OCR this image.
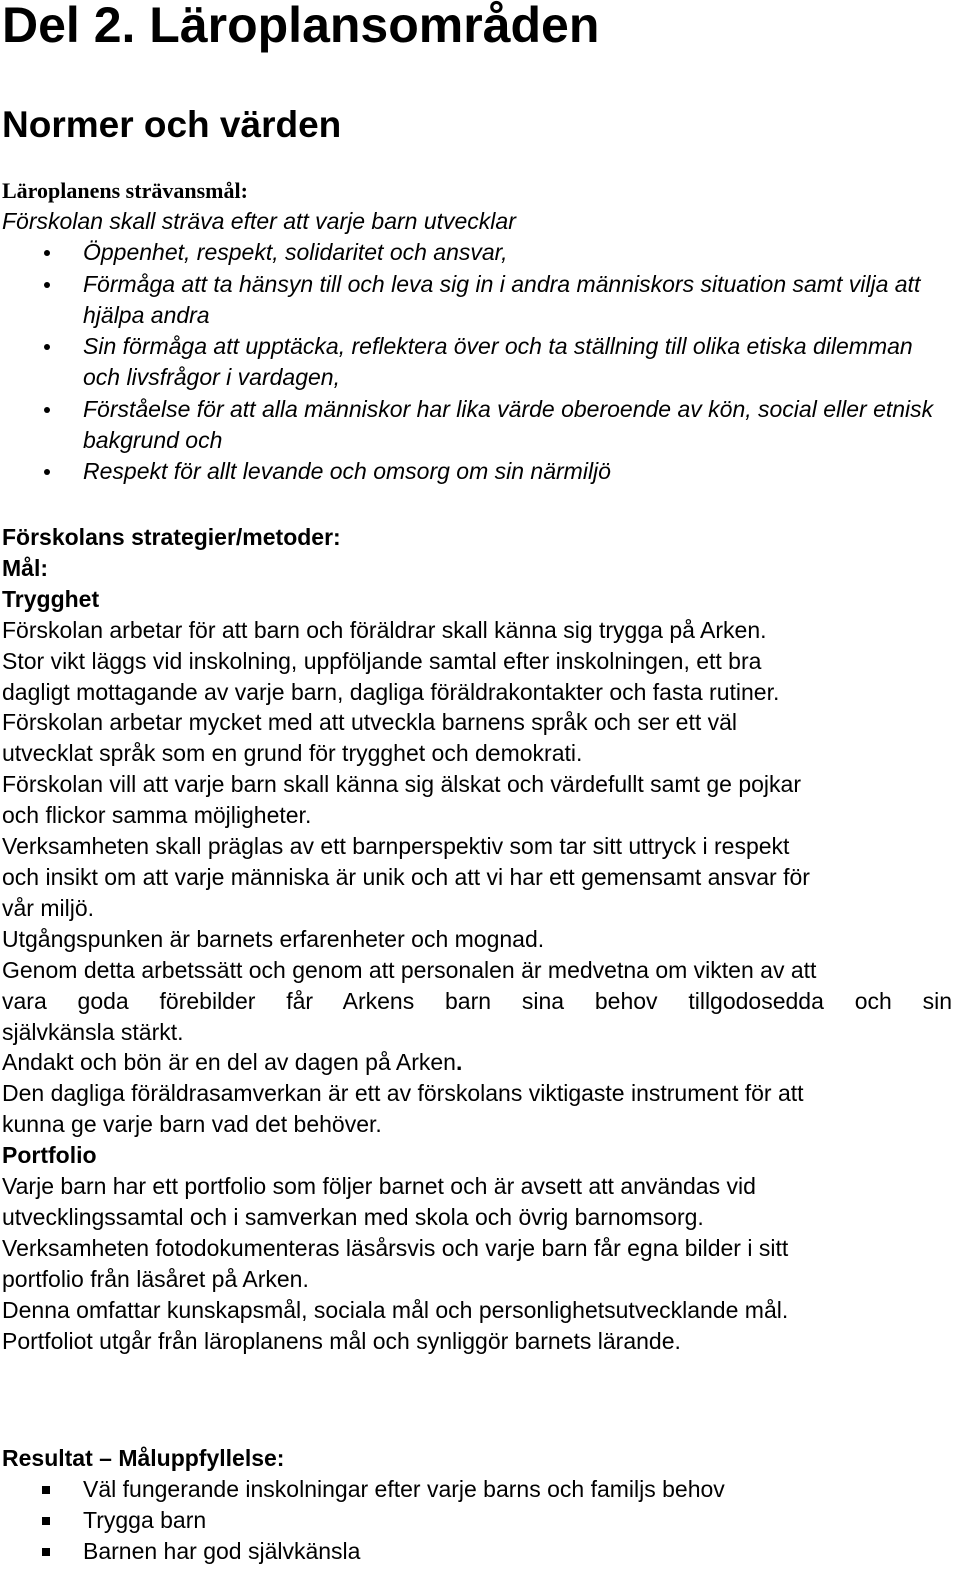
Del 2. Läroplansområden
Normer och värden
Läroplanens strävansmål:
Förskolan skall sträva efter att varje barn utvecklar
Öppenhet, respekt, solidaritet och ansvar,
Förmåga att ta hänsyn till och leva sig in i andra människors situation samt vilja att hjälpa andra
Sin förmåga att upptäcka, reflektera över och ta ställning till olika etiska dilemman och livsfrågor i vardagen,
Förståelse för att alla människor har lika värde oberoende av kön, social eller etnisk bakgrund och
Respekt för allt levande och omsorg om sin närmiljö

Förskolans strategier/metoder:

Mål:

Trygghet

Förskolan arbetar för att barn och föräldrar skall känna sig trygga på Arken.

Stor vikt läggs vid inskolning, uppföljande samtal efter inskolningen, ett bra

dagligt mottagande av varje barn, dagliga föräldrakontakter och fasta rutiner.

Förskolan arbetar mycket med att utveckla barnens språk och ser ett väl

utvecklat språk som en grund för trygghet och demokrati.

Förskolan vill att varje barn skall känna sig älskat och värdefullt samt ge pojkar

och flickor samma möjligheter.

Verksamheten skall präglas av ett barnperspektiv som tar sitt uttryck i respekt

och insikt om att varje människa är unik och att vi har ett gemensamt ansvar för

vår miljö.

Utgångspunken är barnets erfarenheter och mognad.

Genom detta arbetssätt och genom att personalen är medvetna om vikten av att

vara goda förebilder får Arkens barn sina behov tillgodosedda och sin

självkänsla stärkt.

Andakt och bön är en del av dagen på Arken.

Den dagliga föräldrasamverkan är ett av förskolans viktigaste instrument för att

kunna ge varje barn vad det behöver.

Portfolio

Varje barn har ett portfolio som följer barnet och är avsett att användas vid

utvecklingssamtal och i samverkan med skola och övrig barnomsorg.

Verksamheten fotodokumenteras läsårsvis och varje barn får egna bilder i sitt

portfolio från läsåret på Arken.

Denna omfattar kunskapsmål, sociala mål och personlighetsutvecklande mål.

Portfoliot utgår från läroplanens mål och synliggör barnets lärande.

Resultat – Måluppfyllelse:
Väl fungerande inskolningar efter varje barns och familjs behov
Trygga barn
Barnen har god självkänsla
